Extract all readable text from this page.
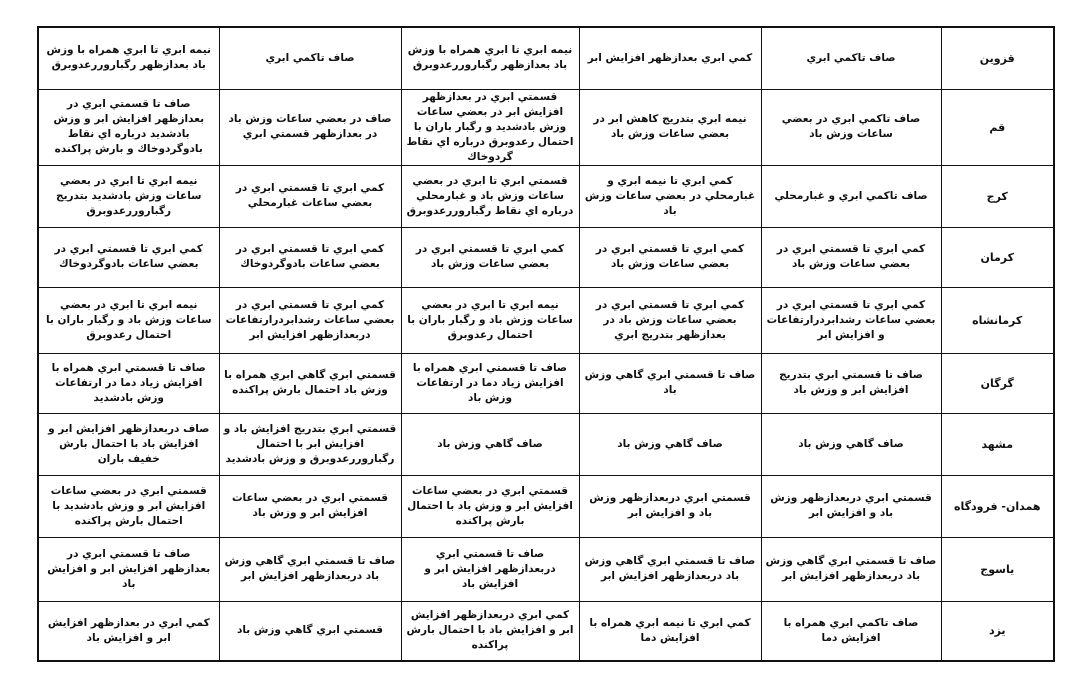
قزوين	صاف تاكمي ابري	كمي ابري بعدازظهر افزايش ابر	نيمه ابري تا ابري همراه با وزش باد بعدازظهر رگباروررعدوبرق	صاف تاكمي ابري	نيمه ابري تا ابري همراه با وزش باد بعدازظهر رگباروررعدوبرق
قم	صاف تاكمي ابري در بعضي ساعات وزش باد	نيمه ابري بتدريج كاهش ابر در بعضي ساعات وزش باد	قسمتي ابري در بعدازظهر افزايش ابر در بعضي ساعات وزش بادشديد و رگبار باران با احتمال رعدوبرق درباره اي نقاط گردوخاك	صاف در بعضي ساعات وزش باد در بعدازظهر قسمتي ابري	صاف تا قسمتي ابري در بعدازظهر افزايش ابر و وزش بادشديد درباره اي نقاط بادوگردوخاك و بارش پراكنده
كرج	صاف تاكمي ابري و غبارمحلي	كمي ابري تا نيمه ابري و غبارمحلي در بعضي ساعات وزش باد	قسمتي ابري تا ابري در بعضي ساعات وزش باد و غبارمحلي درباره اي نقاط رگباروررعدوبرق	كمي ابري تا قسمتي ابري در بعضي ساعات غبارمحلي	نيمه ابري تا ابري در بعضي ساعات وزش بادشديد بتدريج رگباروررعدوبرق
كرمان	كمي ابري تا قسمتي ابري در بعضي ساعات وزش باد	كمي ابري تا قسمتي ابري در بعضي ساعات وزش باد	كمي ابري تا قسمتي ابري در بعضي ساعات وزش باد	كمي ابري تا قسمتي ابري در بعضي ساعات بادوگردوخاك	كمي ابري تا قسمتي ابري در بعضي ساعات بادوگردوخاك
كرمانشاه	كمي ابري تا قسمتي ابري در بعضي ساعات رشدابردرارتفاعات و افزايش ابر	كمي ابري تا قسمتي ابري در بعضي ساعات وزش باد در بعدازظهر بتدريج ابري	نيمه ابري تا ابري در بعضي ساعات وزش باد و رگبار باران با احتمال رعدوبرق	كمي ابري تا قسمتي ابري در بعضي ساعات رشدابردرارتفاعات دربعدازظهر افزايش ابر	نيمه ابري تا ابري در بعضي ساعات وزش باد و رگبار باران با احتمال رعدوبرق
گرگان	صاف تا قسمتي ابري بتدريج افزايش ابر و وزش باد	صاف تا قسمتي ابري گاهي وزش باد	صاف تا قسمتي ابري همراه با افزايش زياد دما در ارتفاعات وزش باد	قسمتي ابري گاهي ابري همراه با وزش باد احتمال بارش پراكنده	صاف تا قسمتي ابري همراه با افزايش زياد دما در ارتفاعات وزش بادشديد
مشهد	صاف گاهي وزش باد	صاف گاهي وزش باد	صاف گاهي وزش باد	قسمتي ابري بتدريج افزايش باد و افزايش ابر با احتمال رگباروررعدوبرق و وزش بادشديد	صاف دربعدازظهر افزايش ابر و افزايش باد با احتمال بارش خفيف باران
همدان- فرودگاه	قسمتي ابري دربعدازظهر وزش باد و افزايش ابر	قسمتي ابري دربعدازظهر وزش باد و افزايش ابر	قسمتي ابري در بعضي ساعات افزايش ابر و وزش باد با احتمال بارش پراكنده	قسمتي ابري در بعضي ساعات افزايش ابر و وزش باد	قسمتي ابري در بعضي ساعات افزايش ابر و وزش بادشديد با احتمال بارش پراكنده
ياسوج	صاف تا قسمتي ابري گاهي وزش باد دربعدازظهر افزايش ابر	صاف تا قسمتي ابري گاهي وزش باد دربعدازظهر افزايش ابر	صاف تا قسمتي ابري دربعدازظهر افزايش ابر و افزايش باد	صاف تا قسمتي ابري گاهي وزش باد دربعدازظهر افزايش ابر	صاف تا قسمتي ابري در بعدازظهر افزايش ابر و افزايش باد
يزد	صاف تاكمي ابري همراه با افزايش دما	كمي ابري تا نيمه ابري همراه با افزايش دما	كمي ابري دربعدازظهر افزايش ابر و افزايش باد با احتمال بارش پراكنده	قسمتي ابري گاهي وزش باد	كمي ابري در بعدازظهر افزايش ابر و افزايش باد
